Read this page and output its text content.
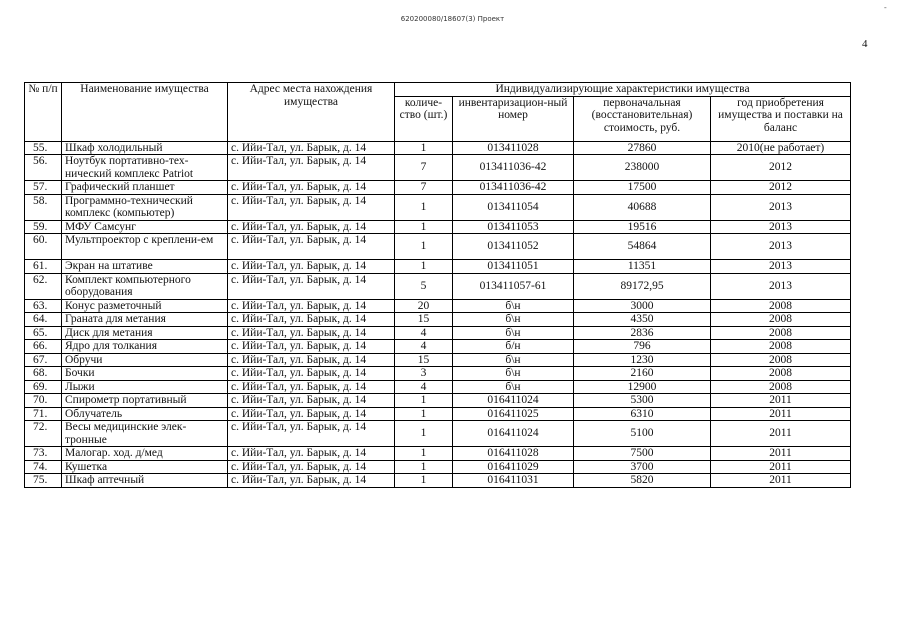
620200080/18607(3) Проект
-
4
№ п/п	Наименование имущества	Адрес места нахождения имущества	Индивидуализирующие характеристики имущества			
			количе-ство (шт.)	инвентаризацион-ный номер	первоначальная (восстановительная) стоимость, руб.	год приобретения имущества и поставки на баланс
55.	Шкаф холодильный	с. Ийи-Тал, ул. Барык, д. 14	1	013411028	27860	2010(не работает)
56.	Ноутбук портативно-тех-нический комплекс Patriot	с. Ийи-Тал, ул. Барык, д. 14	7	013411036-42	238000	2012
57.	Графический планшет	с. Ийи-Тал, ул. Барык, д. 14	7	013411036-42	17500	2012
58.	Программно-технический комплекс (компьютер)	с. Ийи-Тал, ул. Барык, д. 14	1	013411054	40688	2013
59.	МФУ Самсунг	с. Ийи-Тал, ул. Барык, д. 14	1	013411053	19516	2013
60.	Мультпроектор с креплени-ем	с. Ийи-Тал, ул. Барык, д. 14	1	013411052	54864	2013
61.	Экран на штативе	с. Ийи-Тал, ул. Барык, д. 14	1	013411051	11351	2013
62.	Комплект компьютерного оборудования	с. Ийи-Тал, ул. Барык, д. 14	5	013411057-61	89172,95	2013
63.	Конус разметочный	с. Ийи-Тал, ул. Барык, д. 14	20	б\н	3000	2008
64.	Граната для метания	с. Ийи-Тал, ул. Барык, д. 14	15	б\н	4350	2008
65.	Диск для метания	с. Ийи-Тал, ул. Барык, д. 14	4	б\н	2836	2008
66.	Ядро для толкания	с. Ийи-Тал, ул. Барык, д. 14	4	б/н	796	2008
67.	Обручи	с. Ийи-Тал, ул. Барык, д. 14	15	б\н	1230	2008
68.	Бочки	с. Ийи-Тал, ул. Барык, д. 14	3	б\н	2160	2008
69.	Лыжи	с. Ийи-Тал, ул. Барык, д. 14	4	б\н	12900	2008
70.	Спирометр портативный	с. Ийи-Тал, ул. Барык, д. 14	1	016411024	5300	2011
71.	Облучатель	с. Ийи-Тал, ул. Барык, д. 14	1	016411025	6310	2011
72.	Весы медицинские элек-тронные	с. Ийи-Тал, ул. Барык, д. 14	1	016411024	5100	2011
73.	Малогар. ход. д/мед	с. Ийи-Тал, ул. Барык, д. 14	1	016411028	7500	2011
74.	Кушетка	с. Ийи-Тал, ул. Барык, д. 14	1	016411029	3700	2011
75.	Шкаф аптечный	с. Ийи-Тал, ул. Барык, д. 14	1	016411031	5820	2011
